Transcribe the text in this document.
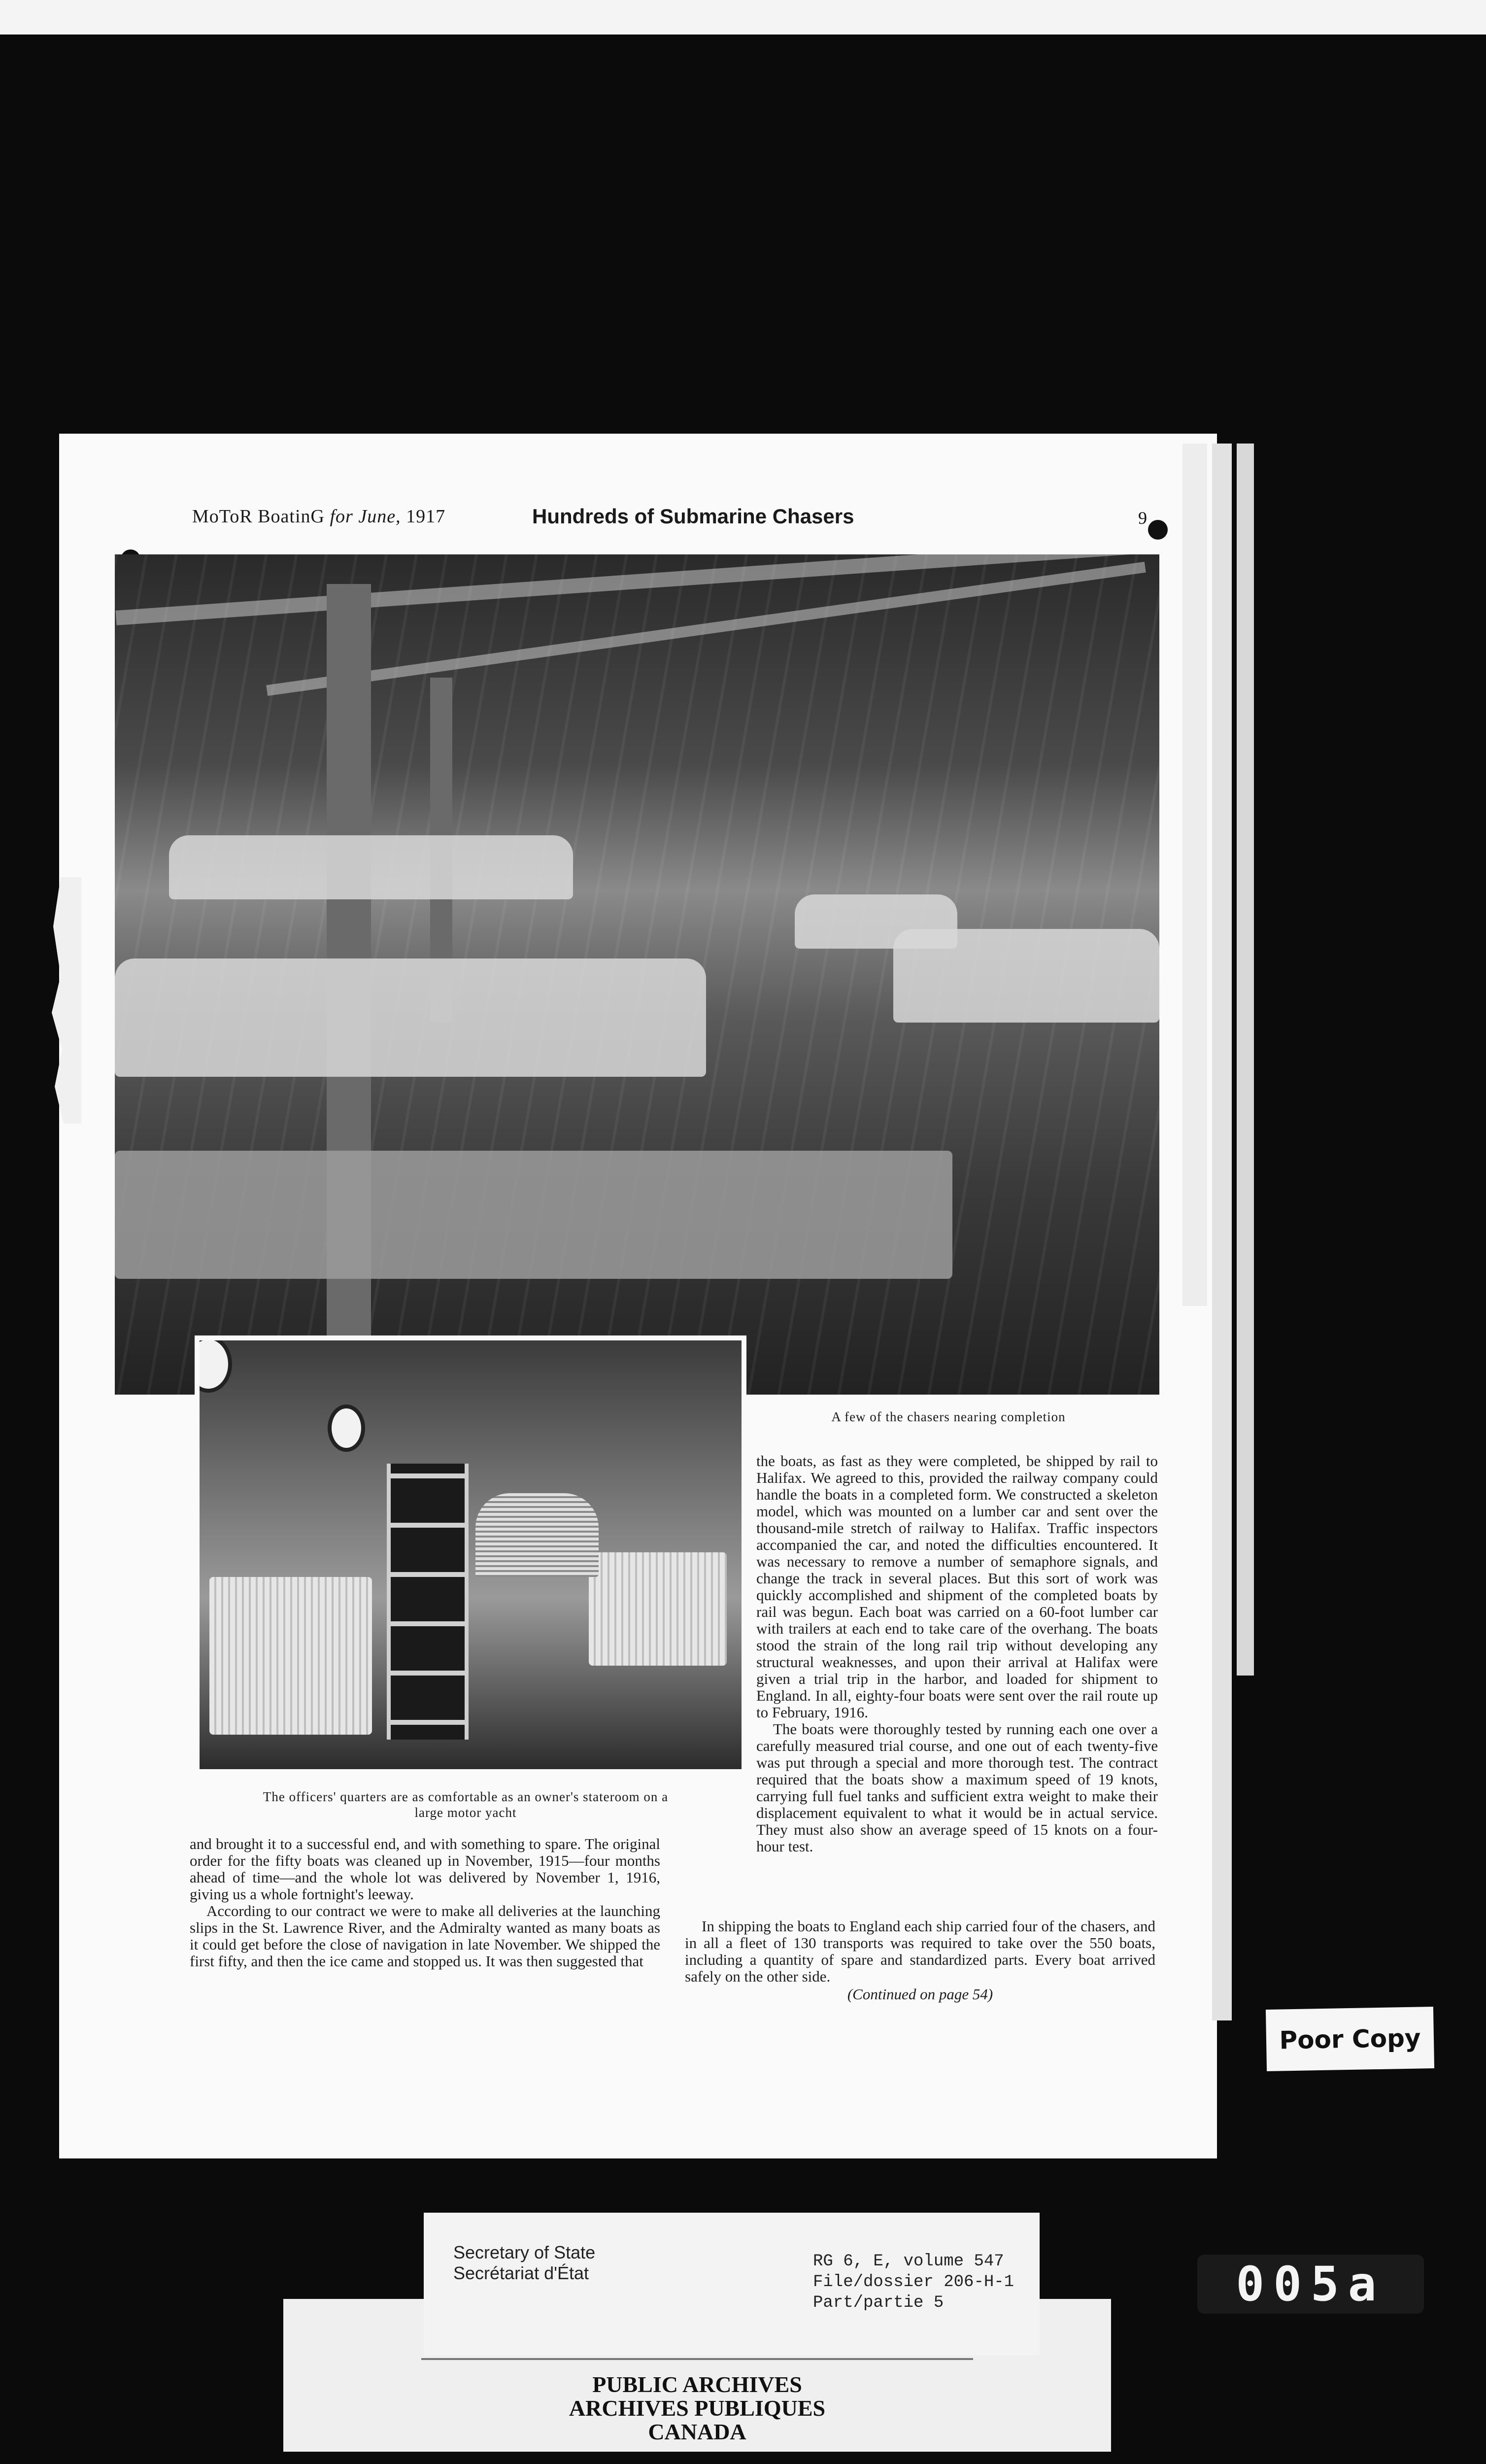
MoToR BoatinG for June, 1917	Hundreds of Submarine Chasers	9
A few of the chasers nearing completion
The officers' quarters are as comfortable as an owner's stateroom on a
large motor yacht

the boats, as fast as they were completed, be shipped by rail to Halifax. We agreed to this, provided the railway company could handle the boats in a completed form. We constructed a skeleton model, which was mounted on a lumber car and sent over the thousand-mile stretch of railway to Halifax. Traffic inspectors accompanied the car, and noted the difficulties encountered. It was necessary to remove a number of semaphore signals, and change the track in several places. But this sort of work was quickly accomplished and shipment of the completed boats by rail was begun. Each boat was carried on a 60-foot lumber car with trailers at each end to take care of the overhang. The boats stood the strain of the long rail trip without developing any structural weaknesses, and upon their arrival at Halifax were given a trial trip in the harbor, and loaded for shipment to England. In all, eighty-four boats were sent over the rail route up to February, 1916.

The boats were thoroughly tested by running each one over a carefully measured trial course, and one out of each twenty-five was put through a special and more thorough test. The contract required that the boats show a maximum speed of 19 knots, carrying full fuel tanks and sufficient extra weight to make their displacement equivalent to what it would be in actual service. They must also show an average speed of 15 knots on a four-hour test.

and brought it to a successful end, and with something to spare. The original order for the fifty boats was cleaned up in November, 1915—four months ahead of time—and the whole lot was delivered by November 1, 1916, giving us a whole fortnight's leeway.

According to our contract we were to make all deliveries at the launching slips in the St. Lawrence River, and the Admiralty wanted as many boats as it could get before the close of navigation in late November. We shipped the first fifty, and then the ice came and stopped us. It was then suggested that

In shipping the boats to England each ship carried four of the chasers, and in all a fleet of 130 transports was required to take over the 550 boats, including a quantity of spare and standardized parts. Every boat arrived safely on the other side.

(Continued on page 54)
Poor Copy
PUBLIC ARCHIVES
ARCHIVES PUBLIQUES
CANADA
Secretary of State
Secrétariat d'État
RG 6, E, volume 547
File/dossier 206-H-1
Part/partie 5	005a
